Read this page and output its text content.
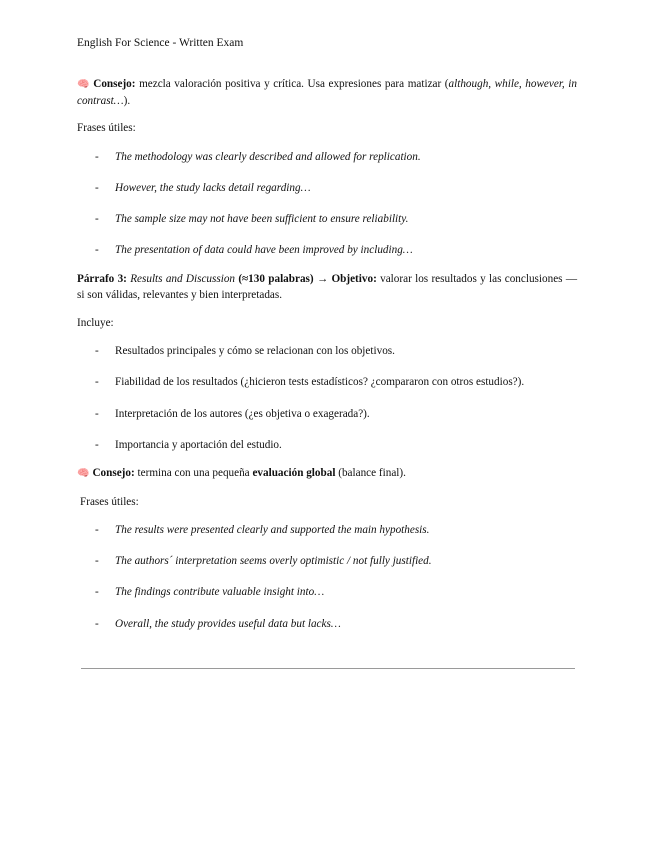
English For Science - Written Exam
🧠 Consejo: mezcla valoración positiva y crítica. Usa expresiones para matizar (although, while, however, in contrast…).
Frases útiles:
- The methodology was clearly described and allowed for replication.
- However, the study lacks detail regarding…
- The sample size may not have been sufficient to ensure reliability.
- The presentation of data could have been improved by including…
Párrafo 3: Results and Discussion (≈130 palabras) → Objetivo: valorar los resultados y las conclusiones — si son válidas, relevantes y bien interpretadas.
Incluye:
- Resultados principales y cómo se relacionan con los objetivos.
- Fiabilidad de los resultados (¿hicieron tests estadísticos? ¿compararon con otros estudios?).
- Interpretación de los autores (¿es objetiva o exagerada?).
- Importancia y aportación del estudio.
🧠 Consejo: termina con una pequeña evaluación global (balance final).
Frases útiles:
- The results were presented clearly and supported the main hypothesis.
- The authors´ interpretation seems overly optimistic / not fully justified.
- The findings contribute valuable insight into…
- Overall, the study provides useful data but lacks…
